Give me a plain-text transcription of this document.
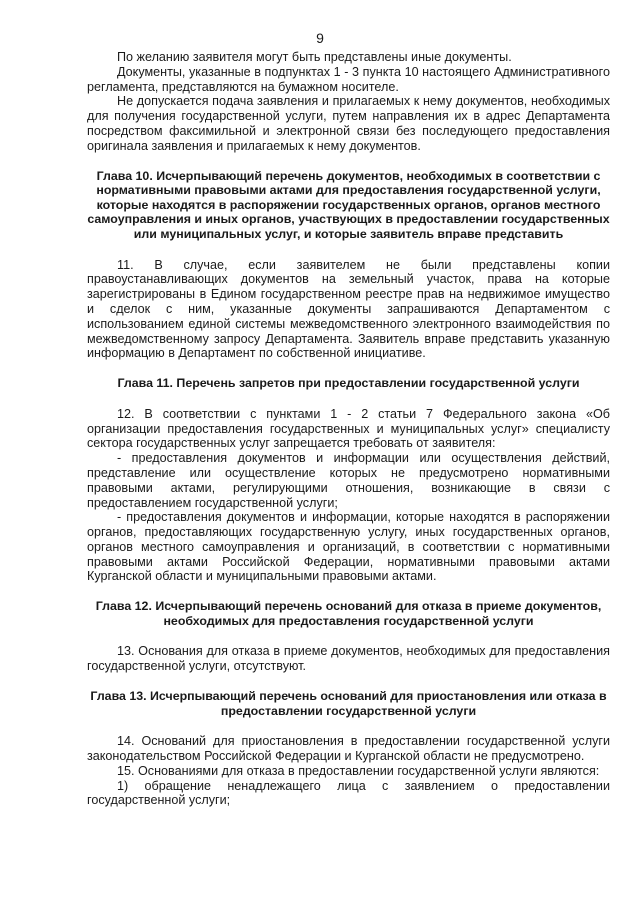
9

По желанию заявителя могут быть представлены иные документы.

Документы, указанные в подпунктах 1 - 3 пункта 10 настоящего Административного регламента, представляются на бумажном носителе.

Не допускается подача заявления и прилагаемых к нему документов, необходимых для получения государственной услуги, путем направления их в адрес Департамента посредством факсимильной и электронной связи без последующего предоставления оригинала заявления и прилагаемых к нему документов.

Глава 10. Исчерпывающий перечень документов, необходимых в соответствии с нормативными правовыми актами для предоставления государственной услуги, которые находятся в распоряжении государственных органов, органов местного самоуправления и иных органов, участвующих в предоставлении государственных или муниципальных услуг, и которые заявитель вправе представить

11. В случае, если заявителем не были представлены копии правоустанавливающих документов на земельный участок, права на которые зарегистрированы в Едином государственном реестре прав на недвижимое имущество и сделок с ним, указанные документы запрашиваются Департаментом с использованием единой системы межведомственного электронного взаимодействия по межведомственному запросу Департамента. Заявитель вправе представить указанную информацию в Департамент по собственной инициативе.

Глава 11. Перечень запретов при предоставлении государственной услуги

12. В соответствии с пунктами 1 - 2 статьи 7 Федерального закона «Об организации предоставления государственных и муниципальных услуг» специалисту сектора государственных услуг запрещается требовать от заявителя:

- предоставления документов и информации или осуществления действий, представление или осуществление которых не предусмотрено нормативными правовыми актами, регулирующими отношения, возникающие в связи с предоставлением государственной услуги;

- предоставления документов и информации, которые находятся в распоряжении органов, предоставляющих государственную услугу, иных государственных органов, органов местного самоуправления и организаций, в соответствии с нормативными правовыми актами Российской Федерации, нормативными правовыми актами Курганской области и муниципальными правовыми актами.

Глава 12. Исчерпывающий перечень оснований для отказа в приеме документов, необходимых для предоставления государственной услуги

13. Основания для отказа в приеме документов, необходимых для предоставления государственной услуги, отсутствуют.

Глава 13. Исчерпывающий перечень оснований для приостановления или отказа в предоставлении государственной услуги

14. Оснований для приостановления в предоставлении государственной услуги законодательством Российской Федерации и Курганской области не предусмотрено.

15. Основаниями для отказа в предоставлении государственной услуги являются:

1) обращение ненадлежащего лица с заявлением о предоставлении государственной услуги;
